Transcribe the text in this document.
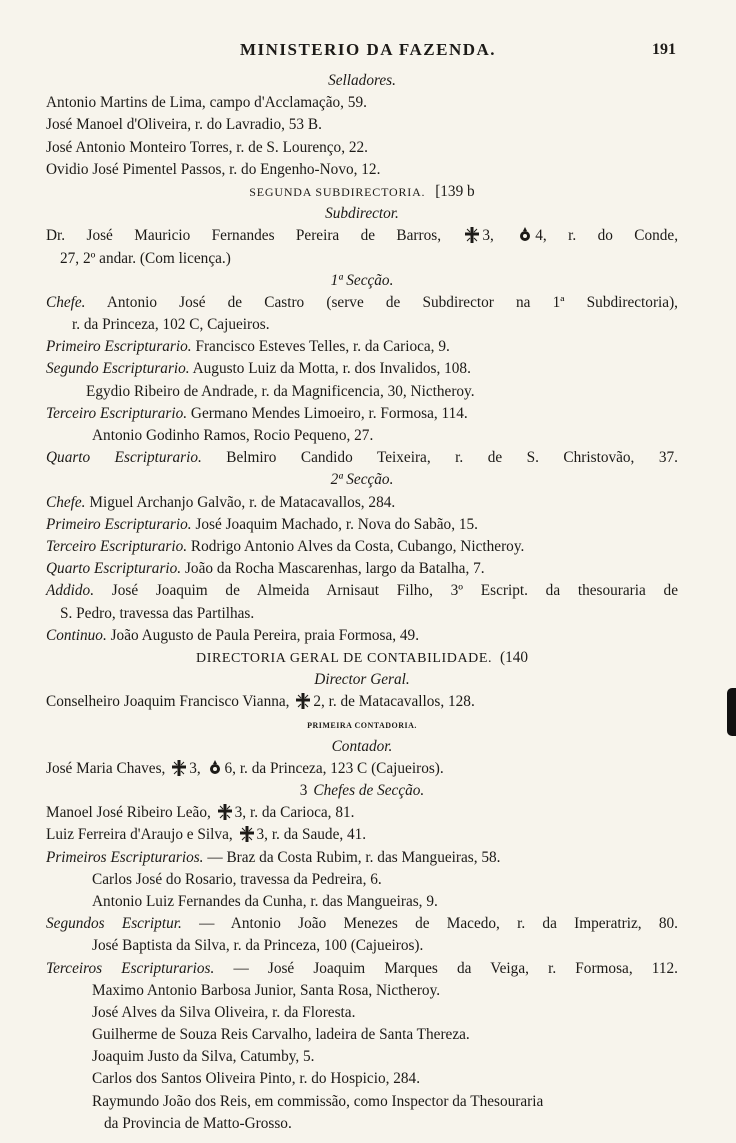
MINISTERIO DA FAZENDA.	191
Selladores.
Antonio Martins de Lima, campo d'Acclamação, 59.
José Manoel d'Oliveira, r. do Lavradio, 53 B.
José Antonio Monteiro Torres, r. de S. Lourenço, 22.
Ovidio José Pimentel Passos, r. do Engenho-Novo, 12.
SEGUNDA SUBDIRECTORIA. [139 b
Subdirector.
Dr. José Mauricio Fernandes Pereira de Barros,	3,	4, r. do Conde,
27, 2º andar. (Com licença.)
1ª Secção.
Chefe. Antonio José de Castro (serve de Subdirector na 1ª Subdirectoria),
r. da Princeza, 102 C, Cajueiros.
Primeiro Escripturario. Francisco Esteves Telles, r. da Carioca, 9.
Segundo Escripturario. Augusto Luiz da Motta, r. dos Invalidos, 108.
Egydio Ribeiro de Andrade, r. da Magnificencia, 30, Nictheroy.
Terceiro Escripturario. Germano Mendes Limoeiro, r. Formosa, 114.
Antonio Godinho Ramos, Rocio Pequeno, 27.
Quarto Escripturario. Belmiro Candido Teixeira, r. de S. Christovão, 37.
2ª Secção.
Chefe. Miguel Archanjo Galvão, r. de Matacavallos, 284.
Primeiro Escripturario. José Joaquim Machado, r. Nova do Sabão, 15.
Terceiro Escripturario. Rodrigo Antonio Alves da Costa, Cubango, Nictheroy.
Quarto Escripturario. João da Rocha Mascarenhas, largo da Batalha, 7.
Addido. José Joaquim de Almeida Arnisaut Filho, 3º Escript. da thesouraria de
S. Pedro, travessa das Partilhas.
Continuo. João Augusto de Paula Pereira, praia Formosa, 49.
DIRECTORIA GERAL DE CONTABILIDADE. (140
Director Geral.
Conselheiro Joaquim Francisco Vianna, 2, r. de Matacavallos, 128.
PRIMEIRA CONTADORIA.
Contador.
José Maria Chaves, 3, 6, r. da Princeza, 123 C (Cajueiros).
3 Chefes de Secção.
Manoel José Ribeiro Leão, 3, r. da Carioca, 81.
Luiz Ferreira d'Araujo e Silva, 3, r. da Saude, 41.
Primeiros Escripturarios. — Braz da Costa Rubim, r. das Mangueiras, 58.
Carlos José do Rosario, travessa da Pedreira, 6.
Antonio Luiz Fernandes da Cunha, r. das Mangueiras, 9.
Segundos Escriptur. — Antonio João Menezes de Macedo, r. da Imperatriz, 80.
José Baptista da Silva, r. da Princeza, 100 (Cajueiros).
Terceiros Escripturarios. — José Joaquim Marques da Veiga, r. Formosa, 112.
Maximo Antonio Barbosa Junior, Santa Rosa, Nictheroy.
José Alves da Silva Oliveira, r. da Floresta.
Guilherme de Souza Reis Carvalho, ladeira de Santa Thereza.
Joaquim Justo da Silva, Catumby, 5.
Carlos dos Santos Oliveira Pinto, r. do Hospicio, 284.
Raymundo João dos Reis, em commissão, como Inspector da Thesouraria
da Provincia de Matto-Grosso.
